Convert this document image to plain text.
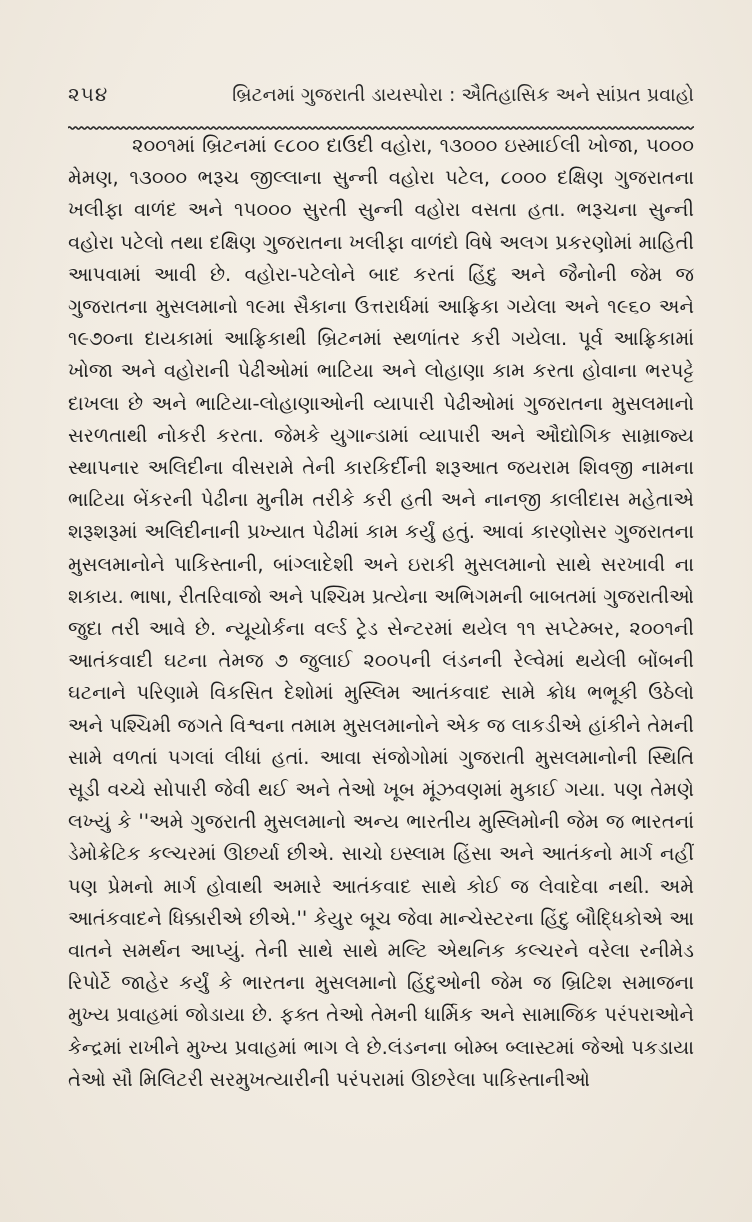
૨૫૪	બ્રિટનમાં ગુજરાતી ડાયસ્પોરા : ઐતિહાસિક અને સાંપ્રત પ્રવાહો

૨૦૦૧માં બ્રિટનમાં ૯૮૦૦ દાઉદી વહોરા, ૧૩૦૦૦ ઇસ્માઈલી ખોજા, ૫૦૦૦ મેમણ, ૧૩૦૦૦ ભરૂચ જીલ્લાના સુન્ની વહોરા પટેલ, ૮૦૦૦ દક્ષિણ ગુજરાતના ખલીફા વાળંદ અને ૧૫૦૦૦ સુરતી સુન્ની વહોરા વસતા હતા. ભરૂચના સુન્ની વહોરા પટેલો તથા દક્ષિણ ગુજરાતના ખલીફા વાળંદો વિષે અલગ પ્રકરણોમાં માહિતી આપવામાં આવી છે. વહોરા-પટેલોને બાદ કરતાં હિંદુ અને જૈનોની જેમ જ ગુજરાતના મુસલમાનો ૧૯મા સૈકાના ઉત્તરાર્ધમાં આફ્રિકા ગયેલા અને ૧૯૬૦ અને ૧૯૭૦ના દાયકામાં આફ્રિકાથી બ્રિટનમાં સ્થળાંતર કરી ગયેલા. પૂર્વ આફ્રિકામાં ખોજા અને વહોરાની પેઢીઓમાં ભાટિયા અને લોહાણા કામ કરતા હોવાના ભરપટ્ટે દાખલા છે અને ભાટિયા-લોહાણાઓની વ્યાપારી પેઢીઓમાં ગુજરાતના મુસલમાનો સરળતાથી નોકરી કરતા. જેમકે યુગાન્ડામાં વ્યાપારી અને ઔદ્યોગિક સામ્રાજ્ય સ્થાપનાર અલિદીના વીસરામે તેની કારકિર્દીની શરૂઆત જયરામ શિવજી નામના ભાટિયા બેંકરની પેઢીના મુનીમ તરીકે કરી હતી અને નાનજી કાલીદાસ મહેતાએ શરૂશરૂમાં અલિદીનાની પ્રખ્યાત પેઢીમાં કામ કર્યું હતું. આવાં કારણોસર ગુજરાતના મુસલમાનોને પાકિસ્તાની, બાંગ્લાદેશી અને ઇરાકી મુસલમાનો સાથે સરખાવી ના શકાય. ભાષા, રીતરિવાજો અને પશ્ચિમ પ્રત્યેના અભિગમની બાબતમાં ગુજરાતીઓ જુદા તરી આવે છે. ન્યૂયોર્કના વર્લ્ડ ટ્રેડ સેન્ટરમાં થયેલ ૧૧ સપ્ટેમ્બર, ૨૦૦૧ની આતંકવાદી ઘટના તેમજ ૭ જુલાઈ ૨૦૦૫ની લંડનની રેલ્વેમાં થયેલી બોંબની ઘટનાને પરિણામે વિકસિત દેશોમાં મુસ્લિમ આતંકવાદ સામે ક્રોધ ભભૂકી ઉઠેલો અને પશ્ચિમી જગતે વિશ્વના તમામ મુસલમાનોને એક જ લાકડીએ હાંકીને તેમની સામે વળતાં પગલાં લીધાં હતાં. આવા સંજોગોમાં ગુજરાતી મુસલમાનોની સ્થિતિ સૂડી વચ્ચે સોપારી જેવી થઈ અને તેઓ ખૂબ મૂંઝવણમાં મુકાઈ ગયા. પણ તેમણે લખ્યું કે ''અમે ગુજરાતી મુસલમાનો અન્ય ભારતીય મુસ્લિમોની જેમ જ ભારતનાં ડેમોક્રેટિક કલ્ચરમાં ઊછર્યા છીએ. સાચો ઇસ્લામ હિંસા અને આતંકનો માર્ગ નહીં પણ પ્રેમનો માર્ગ હોવાથી અમારે આતંકવાદ સાથે કોઈ જ લેવાદેવા નથી. અમે આતંકવાદને ધિક્કારીએ છીએ.'' કેયુર બૂચ જેવા માન્ચેસ્ટરના હિંદુ બૌદ્ધિકોએ આ વાતને સમર્થન આપ્યું. તેની સાથે સાથે મલ્ટિ એથનિક કલ્ચરને વરેલા રનીમેડ રિપોર્ટે જાહેર કર્યું કે ભારતના મુસલમાનો હિંદુઓની જેમ જ બ્રિટિશ સમાજના મુખ્ય પ્રવાહમાં જોડાયા છે. ફક્ત તેઓ તેમની ધાર્મિક અને સામાજિક પરંપરાઓને કેન્દ્રમાં રાખીને મુખ્ય પ્રવાહમાં ભાગ લે છે.લંડનના બોમ્બ બ્લાસ્ટમાં જેઓ પકડાયા તેઓ સૌ મિલિટરી સરમુખત્યારીની પરંપરામાં ઊછરેલા પાકિસ્તાનીઓ
